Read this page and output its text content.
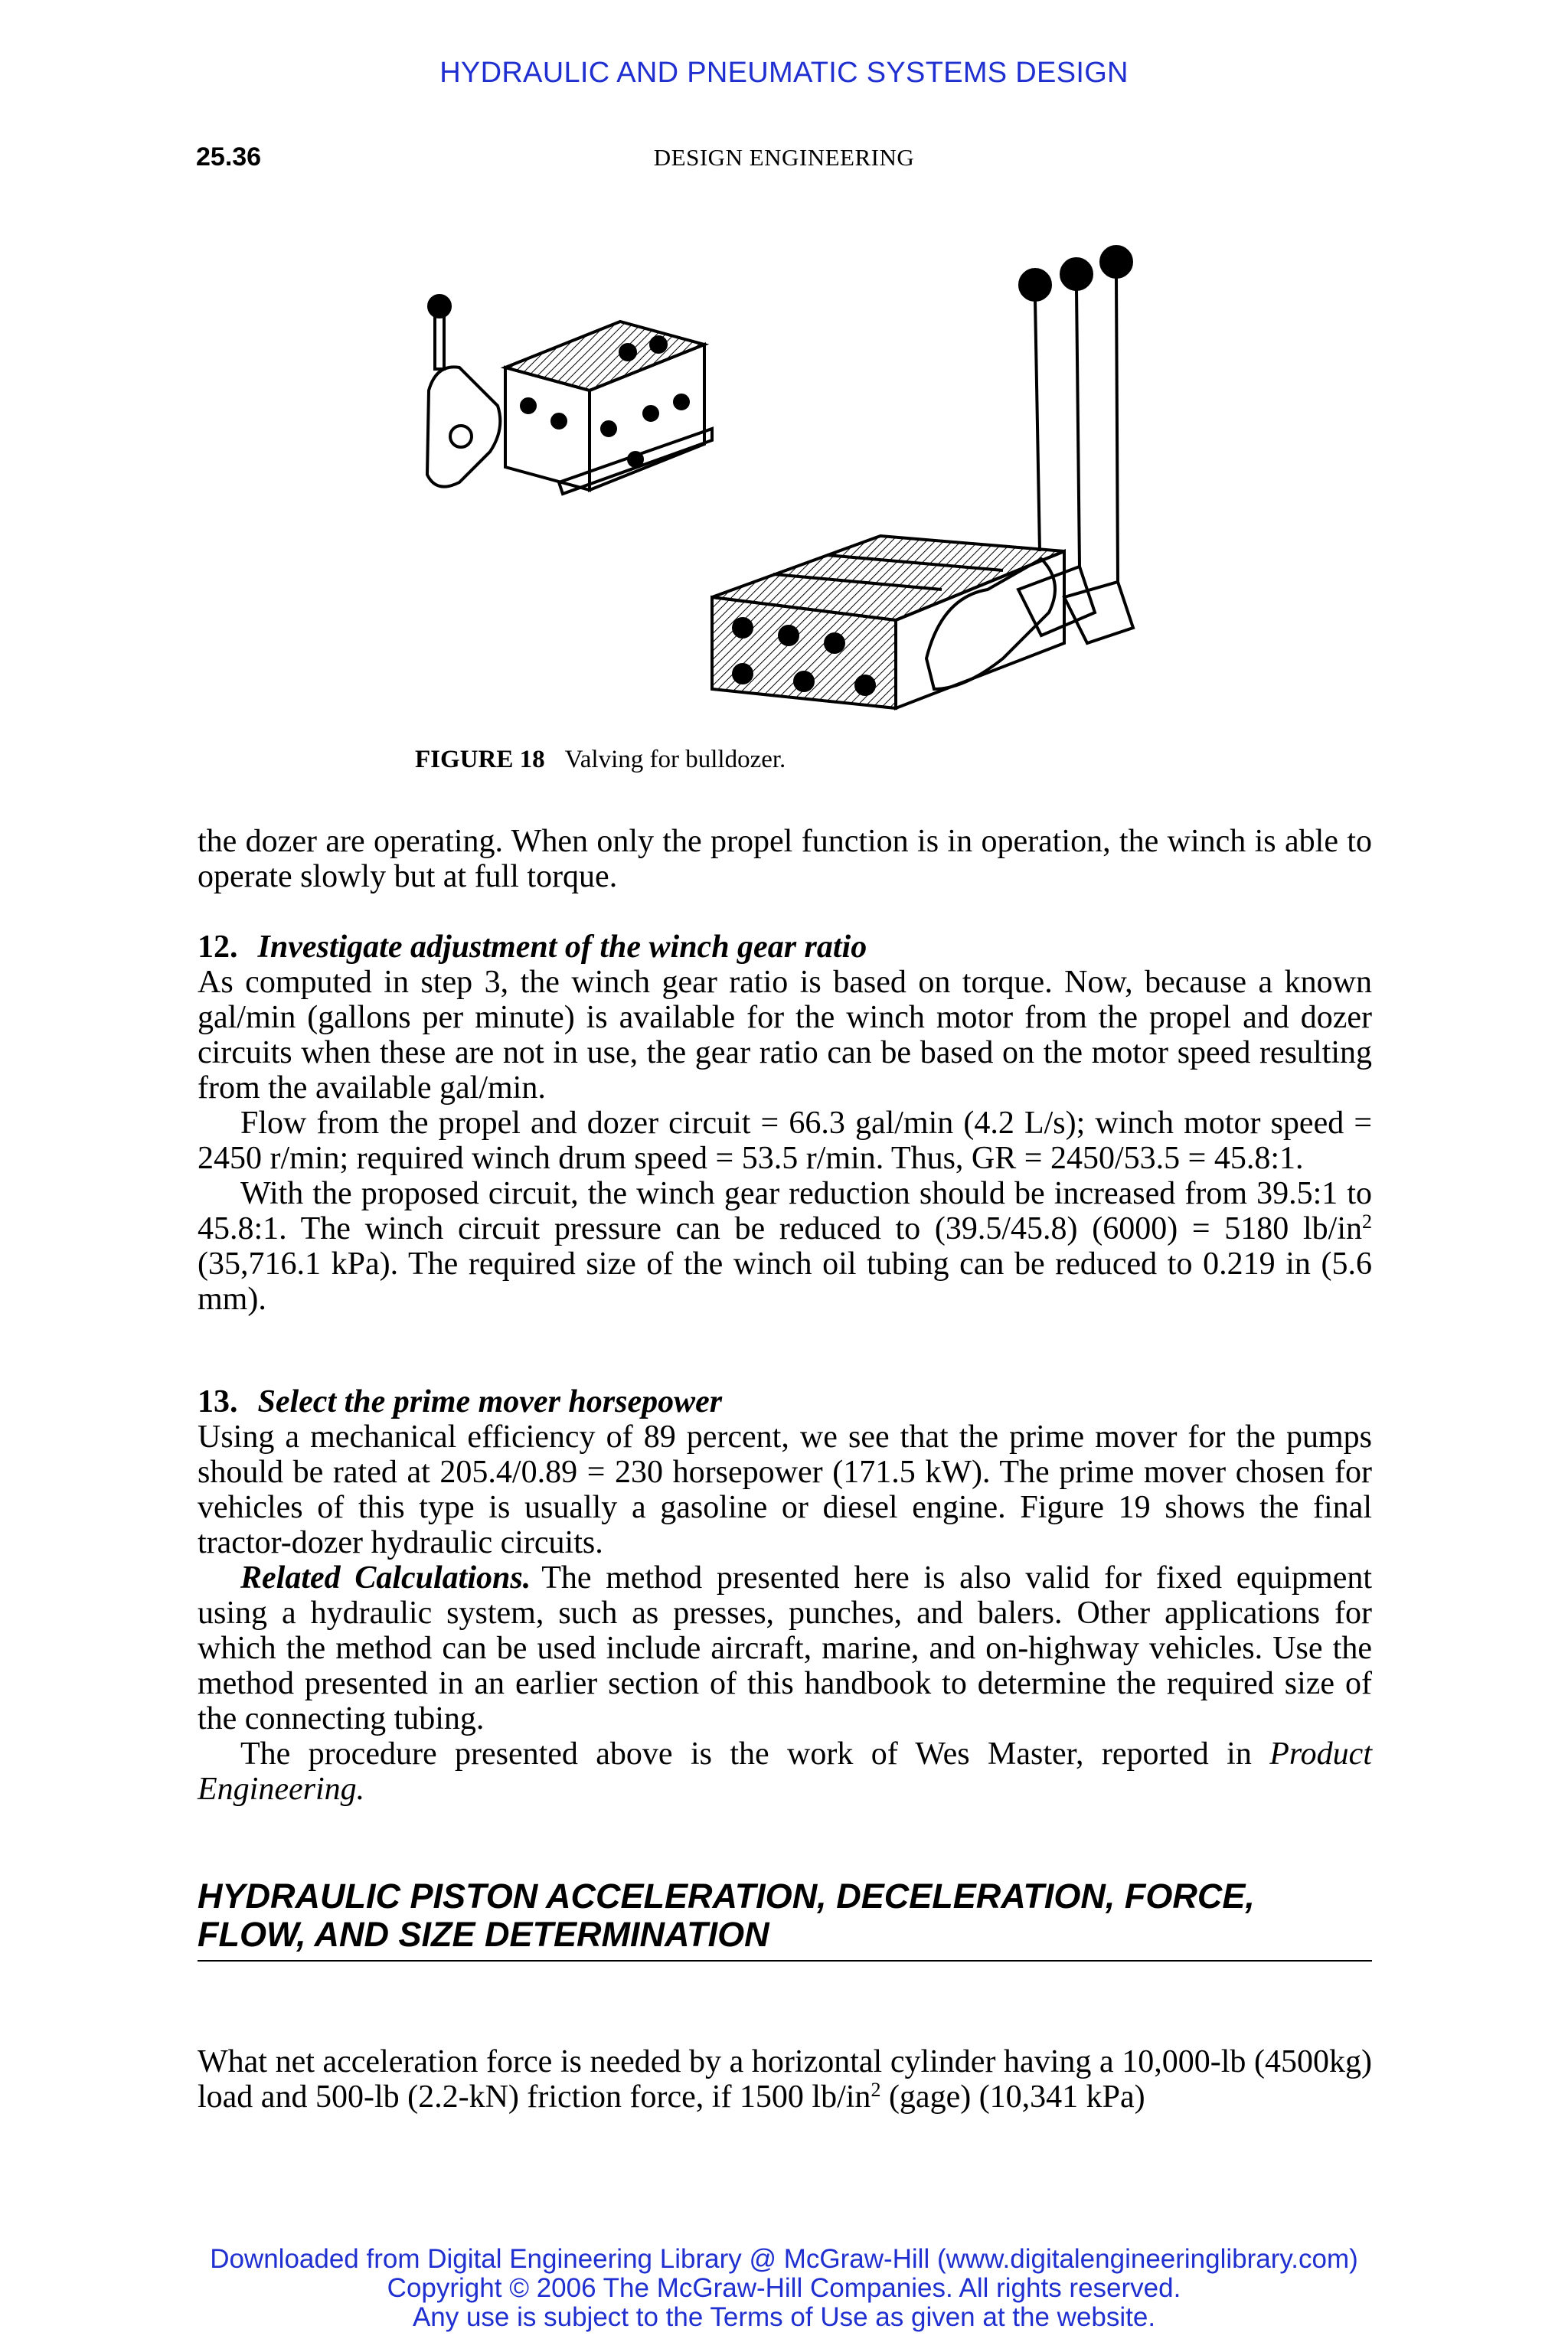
HYDRAULIC AND PNEUMATIC SYSTEMS DESIGN
25.36	DESIGN ENGINEERING
FIGURE 18 Valving for bulldozer.

the dozer are operating. When only the propel function is in operation, the winch is able to operate slowly but at full torque.

12. Investigate adjustment of the winch gear ratio

As computed in step 3, the winch gear ratio is based on torque. Now, because a known gal/min (gallons per minute) is available for the winch motor from the propel and dozer circuits when these are not in use, the gear ratio can be based on the motor speed resulting from the available gal/min.

Flow from the propel and dozer circuit = 66.3 gal/min (4.2 L/s); winch motor speed = 2450 r/min; required winch drum speed = 53.5 r/min. Thus, GR = 2450/53.5 = 45.8:1.

With the proposed circuit, the winch gear reduction should be increased from 39.5:1 to 45.8:1. The winch circuit pressure can be reduced to (39.5/45.8) (6000) = 5180 $lb/in^2$ (35,716.1 kPa). The required size of the winch oil tubing can be reduced to 0.219 in (5.6 mm).

13. Select the prime mover horsepower

Using a mechanical efficiency of 89 percent, we see that the prime mover for the pumps should be rated at 205.4/0.89 = 230 horsepower (171.5 kW). The prime mover chosen for vehicles of this type is usually a gasoline or diesel engine. Figure 19 shows the final tractor-dozer hydraulic circuits.

Related Calculations. The method presented here is also valid for fixed equipment using a hydraulic system, such as presses, punches, and balers. Other applications for which the method can be used include aircraft, marine, and on-highway vehicles. Use the method presented in an earlier section of this handbook to determine the required size of the connecting tubing.

The procedure presented above is the work of Wes Master, reported in Product Engineering.

HYDRAULIC PISTON ACCELERATION, DECELERATION, FORCE, FLOW, AND SIZE DETERMINATION

What net acceleration force is needed by a horizontal cylinder having a 10,000-lb (4500kg) load and 500-lb (2.2-kN) friction force, if 1500 $lb/in^2$ (gage) (10,341 kPa)

Downloaded from Digital Engineering Library @ McGraw-Hill (www.digitalengineeringlibrary.com)
Copyright © 2006 The McGraw-Hill Companies. All rights reserved.
Any use is subject to the Terms of Use as given at the website.
